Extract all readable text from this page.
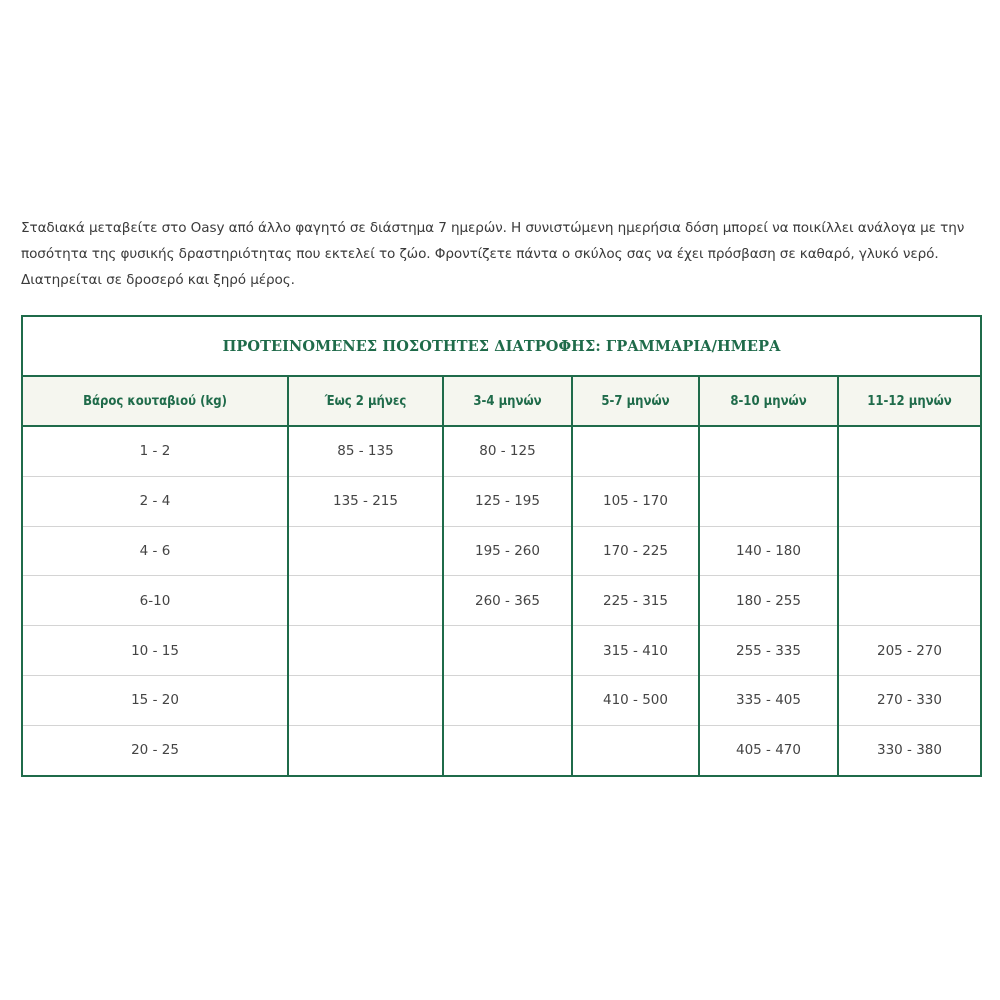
Σταδιακά μεταβείτε στο Oasy από άλλο φαγητό σε διάστημα 7 ημερών. Η συνιστώμενη ημερήσια δόση μπορεί να ποικίλλει ανάλογα με την
ποσότητα της φυσικής δραστηριότητας που εκτελεί το ζώο. Φροντίζετε πάντα ο σκύλος σας να έχει πρόσβαση σε καθαρό, γλυκό νερό.
Διατηρείται σε δροσερό και ξηρό μέρος.
ΠΡΟΤΕΙΝΟΜΕΝΕΣ ΠΟΣΟΤΗΤΕΣ ΔΙΑΤΡΟΦΗΣ: ΓΡΑΜΜΑΡΙΑ/ΗΜΕΡΑ					
Βάρος κουταβιού (kg)	Έως 2 μήνες	3-4 μηνών	5-7 μηνών	8-10 μηνών	11-12 μηνών
1 - 2	85 - 135	80 - 125			
2 - 4	135 - 215	125 - 195	105 - 170		
4 - 6		195 - 260	170 - 225	140 - 180	
6-10		260 - 365	225 - 315	180 - 255	
10 - 15			315 - 410	255 - 335	205 - 270
15 - 20			410 - 500	335 - 405	270 - 330
20 - 25				405 - 470	330 - 380
